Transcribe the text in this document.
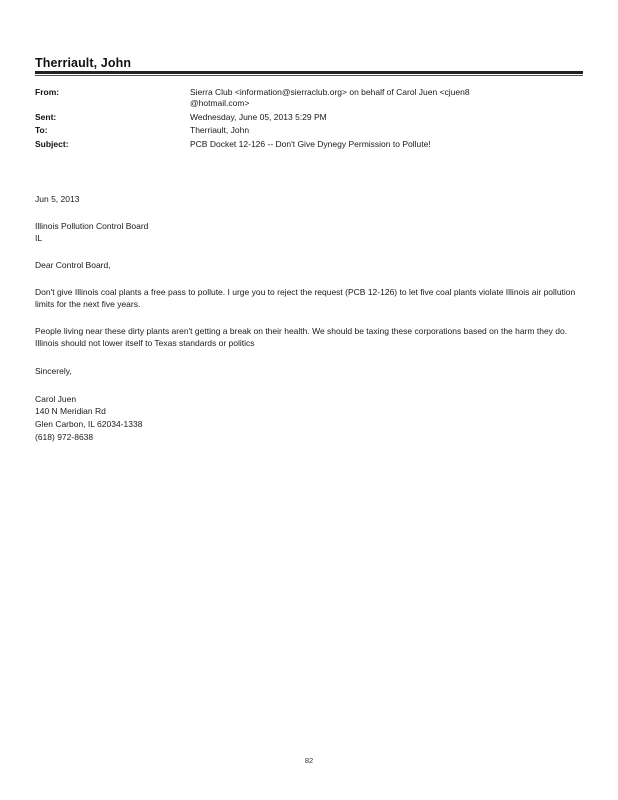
Therriault, John
From:	Sierra Club <information@sierraclub.org> on behalf of Carol Juen <cjuen8
@hotmail.com>
Sent:	Wednesday, June 05, 2013 5:29 PM
To:	Therriault, John
Subject:	PCB Docket 12-126 -- Don't Give Dynegy Permission to Pollute!
Jun 5, 2013
Illinois Pollution Control Board
IL
Dear Control Board,
Don't give Illinois coal plants a free pass to pollute. I urge you to reject the request (PCB 12-126) to let five coal plants violate Illinois air pollution limits for the next five years.
People living near these dirty plants aren't getting a break on their health. We should be taxing these corporations based on the harm they do. Illinois should not lower itself to Texas standards or politics
Sincerely,
Carol Juen
140 N Meridian Rd
Glen Carbon, IL 62034-1338
(618) 972-8638
82
